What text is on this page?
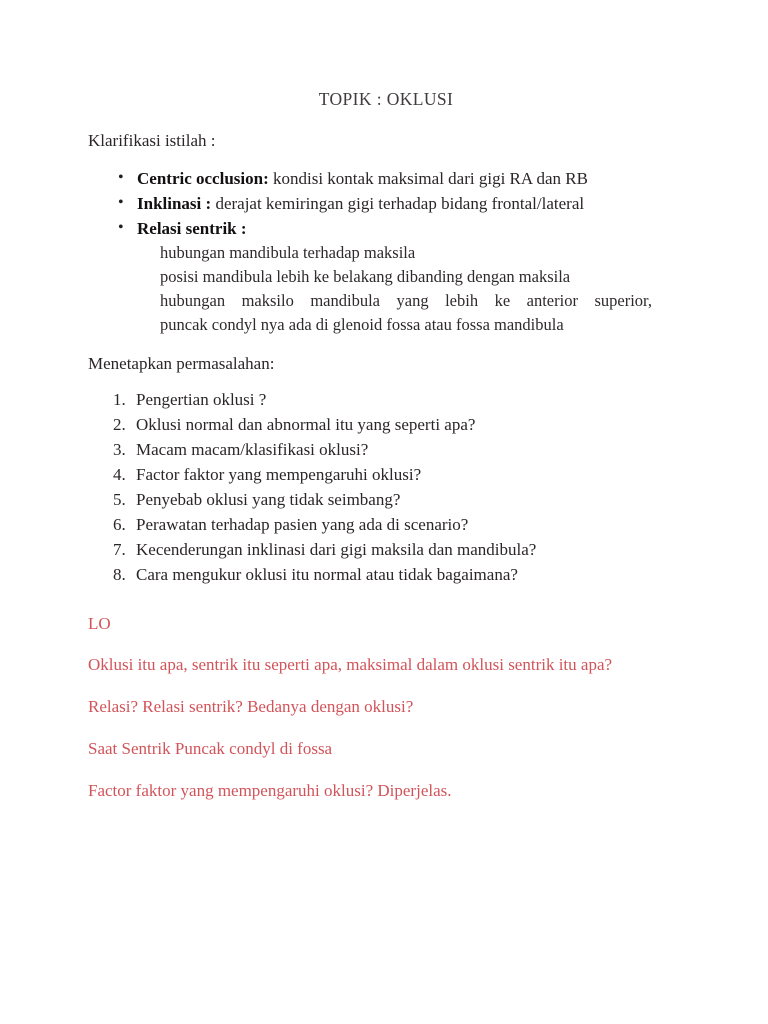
TOPIK : OKLUSI

Klarifikasi istilah :

• Centric occlusion: kondisi kontak maksimal dari gigi RA dan RB
• Inklinasi : derajat kemiringan gigi terhadap bidang frontal/lateral
• Relasi sentrik :
hubungan mandibula terhadap maksila
posisi mandibula lebih ke belakang dibanding dengan maksila
hubungan maksilo mandibula yang lebih ke anterior superior,
puncak condyl nya ada di glenoid fossa atau fossa mandibula

Menetapkan permasalahan:

Pengertian oklusi ?
Oklusi normal dan abnormal itu yang seperti apa?
Macam macam/klasifikasi oklusi?
Factor faktor yang mempengaruhi oklusi?
Penyebab oklusi yang tidak seimbang?
Perawatan terhadap pasien yang ada di scenario?
Kecenderungan inklinasi dari gigi maksila dan mandibula?
Cara mengukur oklusi itu normal atau tidak bagaimana?

LO

Oklusi itu apa, sentrik itu seperti apa, maksimal dalam oklusi sentrik itu apa?

Relasi? Relasi sentrik? Bedanya dengan oklusi?

Saat Sentrik Puncak condyl di fossa

Factor faktor yang mempengaruhi oklusi? Diperjelas.
